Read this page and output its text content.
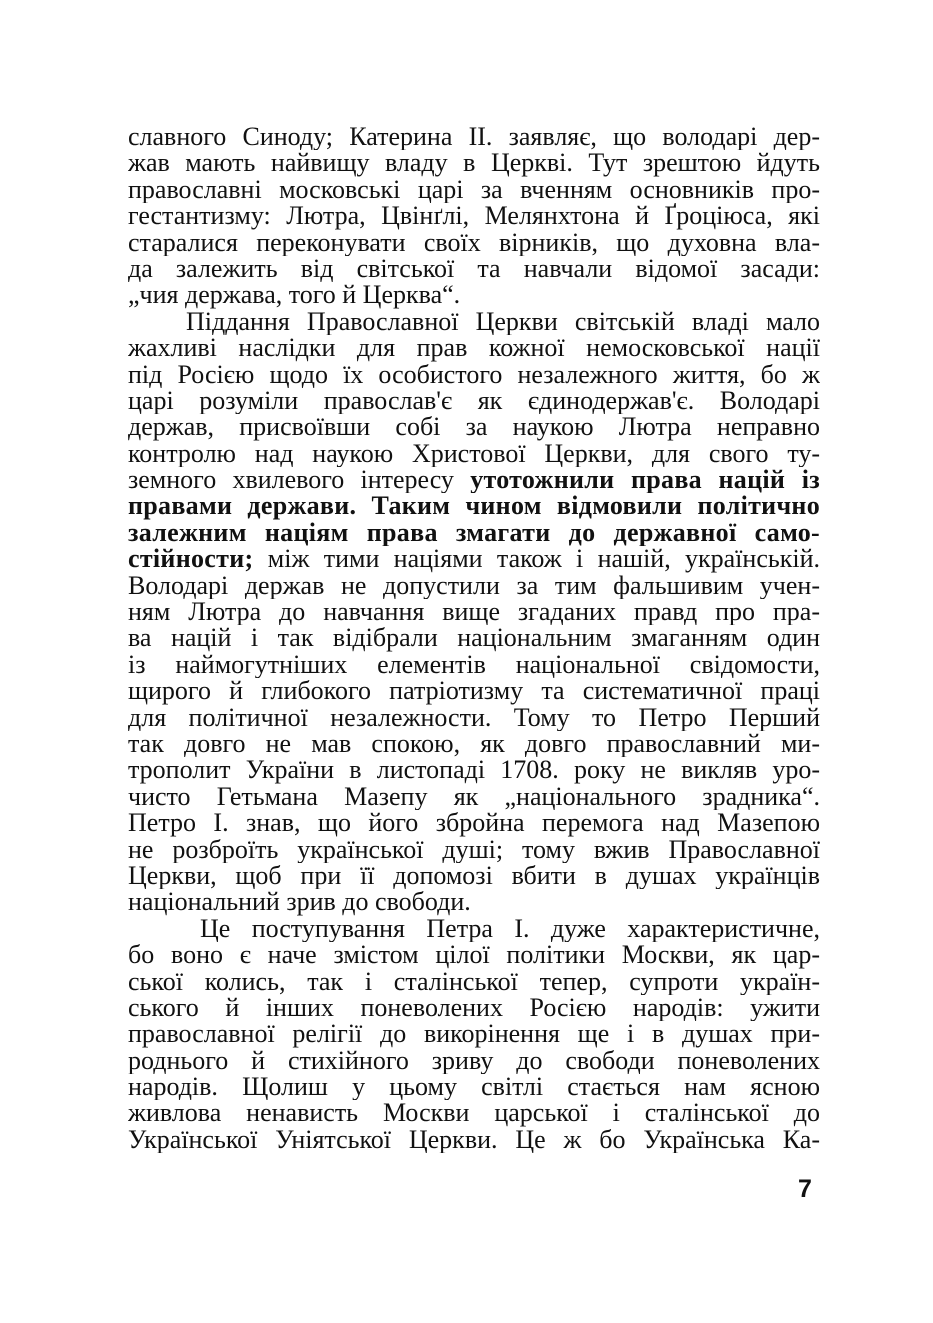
славного Синоду; Катерина ІІ. заявляє, що володарі дер-
жав мають найвищу владу в Церкві. Тут зрештою йдуть
православні московські царі за вченням основників про-
гестантизму: Лютра, Цвінґлі, Мелянхтона й Ґроціюса, які
старалися переконувати своїх вірників, що духовна вла-
да залежить від світської та навчали відомої засади:
„чия держава, того й Церква“.
Піддання Православної Церкви світській владі мало
жахливі наслідки для прав кожної немосковської нації
під Росією щодо їх особистого незалежного життя, бо ж
царі розуміли православ'є як єдинодержав'є. Володарі
держав, присвоївши собі за наукою Лютра неправно
контролю над наукою Христової Церкви, для свого ту-
земного хвилевого інтересу утотожнили права націй із
правами держави. Таким чином відмовили політично
залежним націям права змагати до державної само-
стійности; між тими націями також і нашій, українській.
Володарі держав не допустили за тим фальшивим учен-
ням Лютра до навчання вище згаданих правд про пра-
ва націй і так відібрали національним змаганням один
із наймогутніших елементів національної свідомости,
щирого й глибокого патріотизму та систематичної праці
для політичної незалежности. Тому то Петро Перший
так довго не мав спокою, як довго православний ми-
трополит України в листопаді 1708. року не викляв уро-
чисто Гетьмана Мазепу як „національного зрадника“.
Петро І. знав, що його збройна перемога над Мазепою
не розброїть української душі; тому вжив Православної
Церкви, щоб при її допомозі вбити в душах українців
національний зрив до свободи.
Це поступування Петра І. дуже характеристичне,
бо воно є наче змістом цілої політики Москви, як цар-
ської колись, так і сталінської тепер, супроти україн-
ського й інших поневолених Росією народів: ужити
православної релігії до викорінення ще і в душах при-
роднього й стихійного зриву до свободи поневолених
народів. Щолиш у цьому світлі стається нам ясною
живлова ненависть Москви царської і сталінської до
Української Уніятської Церкви. Це ж бо Українська Ка-
7
